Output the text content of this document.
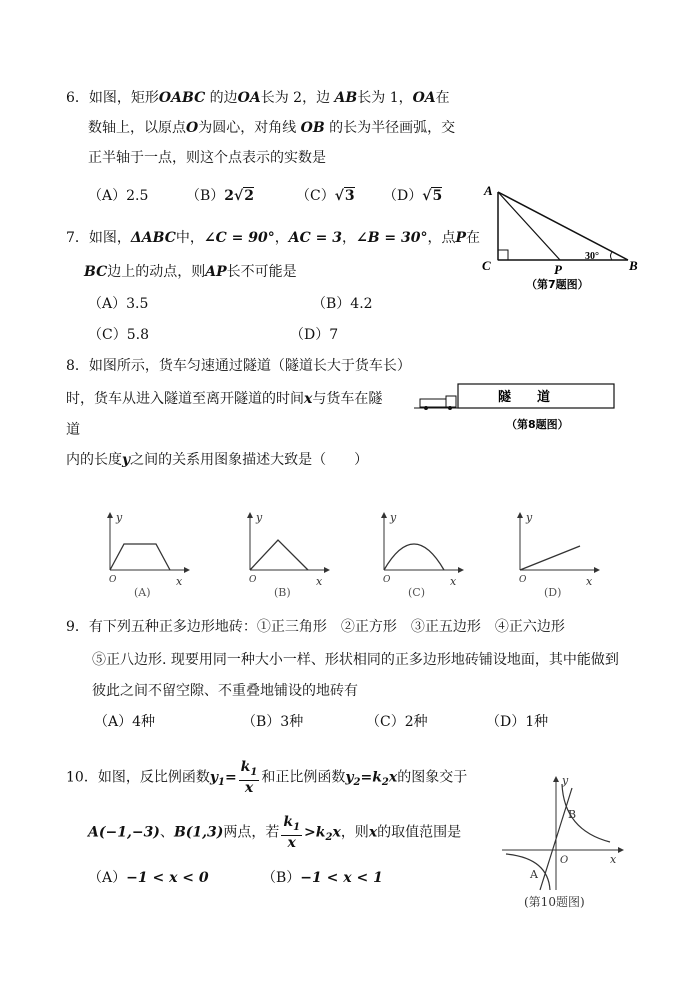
6．如图，矩形OABC 的边OA长为 2，边 AB长为 1，OA在
数轴上，以原点O为圆心，对角线 OB 的长为半径画弧，交
正半轴于一点，则这个点表示的实数是
（A）2.5	（B）2√2	（C）√3 （D）√5
7．如图，ΔABC中，∠C = 90°，AC = 3，∠B = 30°，点P在
BC边上的动点，则AP长不可能是
（A）3.5	（B）4.2
（C）5.8	（D）7
A
C	P	B
30°
（第7题图）
8．如图所示，货车匀速通过隧道（隧道长大于货车长）
时，货车从进入隧道至离开隧道的时间x与货车在隧
道
内的长度y之间的关系用图象描述大致是（　　）
隧　　道
（第8题图）
y
x
O
(A)
y
x
O
(B)
y
x
O
(C)
y
x
O
(D)
9．有下列五种正多边形地砖：①正三角形　②正方形　③正五边形　④正六边形
⑤正八边形. 现要用同一种大小一样、形状相同的正多边形地砖铺设地面，其中能做到
彼此之间不留空隙、不重叠地铺设的地砖有
（A）4种	（B）3种	（C）2种	（D）1种
10．如图，反比例函数$y_1= \frac{k_1}{x}$ 和正比例函数$y_2=k_2x$的图象交于
A(−1,−3)、B(1,3)两点，若 $\frac{k_1}{x} >k_2x$，则x的取值范围是
（A）−1 < x < 0	（B）−1 < x < 1
y
x
O
B
A
(第10题图)
